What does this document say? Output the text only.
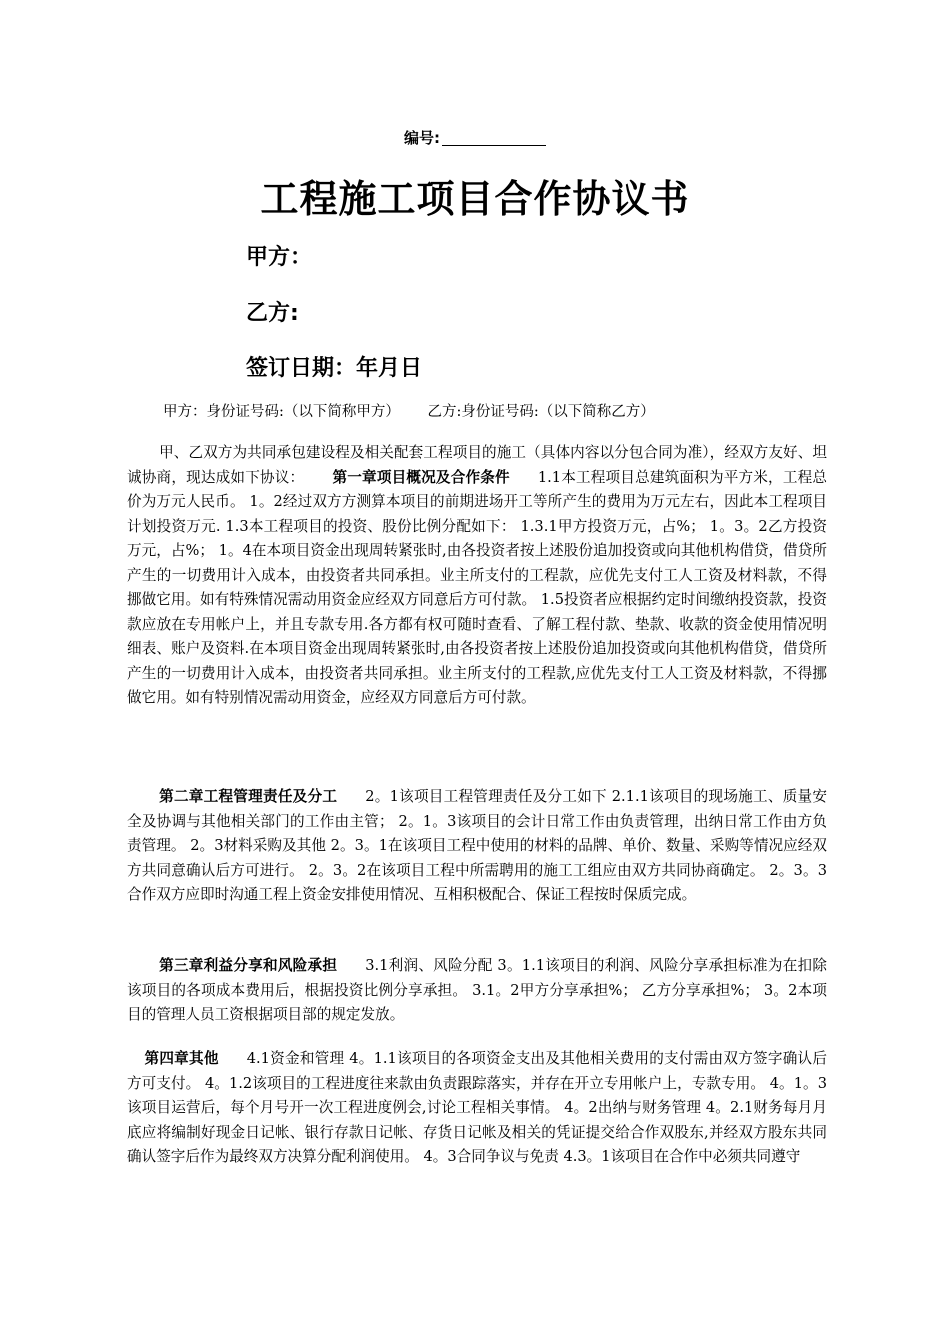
编号:
工程施工项目合作协议书
甲方：
乙方:
签订日期：年月日
甲方：身份证号码:（以下简称甲方）      乙方:身份证号码:（以下简称乙方）

甲、乙双方为共同承包建设程及相关配套工程项目的施工（具体内容以分包合同为准），经双方友好、坦诚协商，现达成如下协议： 第一章项目概况及合作条件 1.1本工程项目总建筑面积为平方米，工程总价为万元人民币。 1。2经过双方方测算本项目的前期进场开工等所产生的费用为万元左右，因此本工程项目计划投资万元. 1.3本工程项目的投资、股份比例分配如下： 1.3.1甲方投资万元，占%； 1。3。2乙方投资万元，占%； 1。4在本项目资金出现周转紧张时,由各投资者按上述股份追加投资或向其他机构借贷，借贷所产生的一切费用计入成本，由投资者共同承担。业主所支付的工程款，应优先支付工人工资及材料款，不得挪做它用。如有特殊情况需动用资金应经双方同意后方可付款。 1.5投资者应根据约定时间缴纳投资款，投资款应放在专用帐户上，并且专款专用.各方都有权可随时查看、了解工程付款、垫款、收款的资金使用情况明细表、账户及资料.在本项目资金出现周转紧张时,由各投资者按上述股份追加投资或向其他机构借贷，借贷所产生的一切费用计入成本，由投资者共同承担。业主所支付的工程款,应优先支付工人工资及材料款，不得挪做它用。如有特别情况需动用资金，应经双方同意后方可付款。

第二章工程管理责任及分工 2。1该项目工程管理责任及分工如下 2.1.1该项目的现场施工、质量安全及协调与其他相关部门的工作由主管； 2。1。3该项目的会计日常工作由负责管理，出纳日常工作由方负责管理。 2。3材料采购及其他 2。3。1在该项目工程中使用的材料的品牌、单价、数量、采购等情况应经双方共同意确认后方可进行。 2。3。2在该项目工程中所需聘用的施工工组应由双方共同协商确定。 2。3。3合作双方应即时沟通工程上资金安排使用情况、互相积极配合、保证工程按时保质完成。

第三章利益分享和风险承担 3.1利润、风险分配 3。1.1该项目的利润、风险分享承担标准为在扣除该项目的各项成本费用后，根据投资比例分享承担。 3.1。2甲方分享承担%； 乙方分享承担%； 3。2本项目的管理人员工资根据项目部的规定发放。

第四章其他 4.1资金和管理 4。1.1该项目的各项资金支出及其他相关费用的支付需由双方签字确认后方可支付。 4。1.2该项目的工程进度往来款由负责跟踪落实，并存在开立专用帐户上，专款专用。 4。1。3该项目运营后，每个月号开一次工程进度例会,讨论工程相关事情。 4。2出纳与财务管理 4。2.1财务每月月底应将编制好现金日记帐、银行存款日记帐、存货日记帐及相关的凭证提交给合作双股东,并经双方股东共同确认签字后作为最终双方决算分配利润使用。 4。3合同争议与免责 4.3。1该项目在合作中必须共同遵守
